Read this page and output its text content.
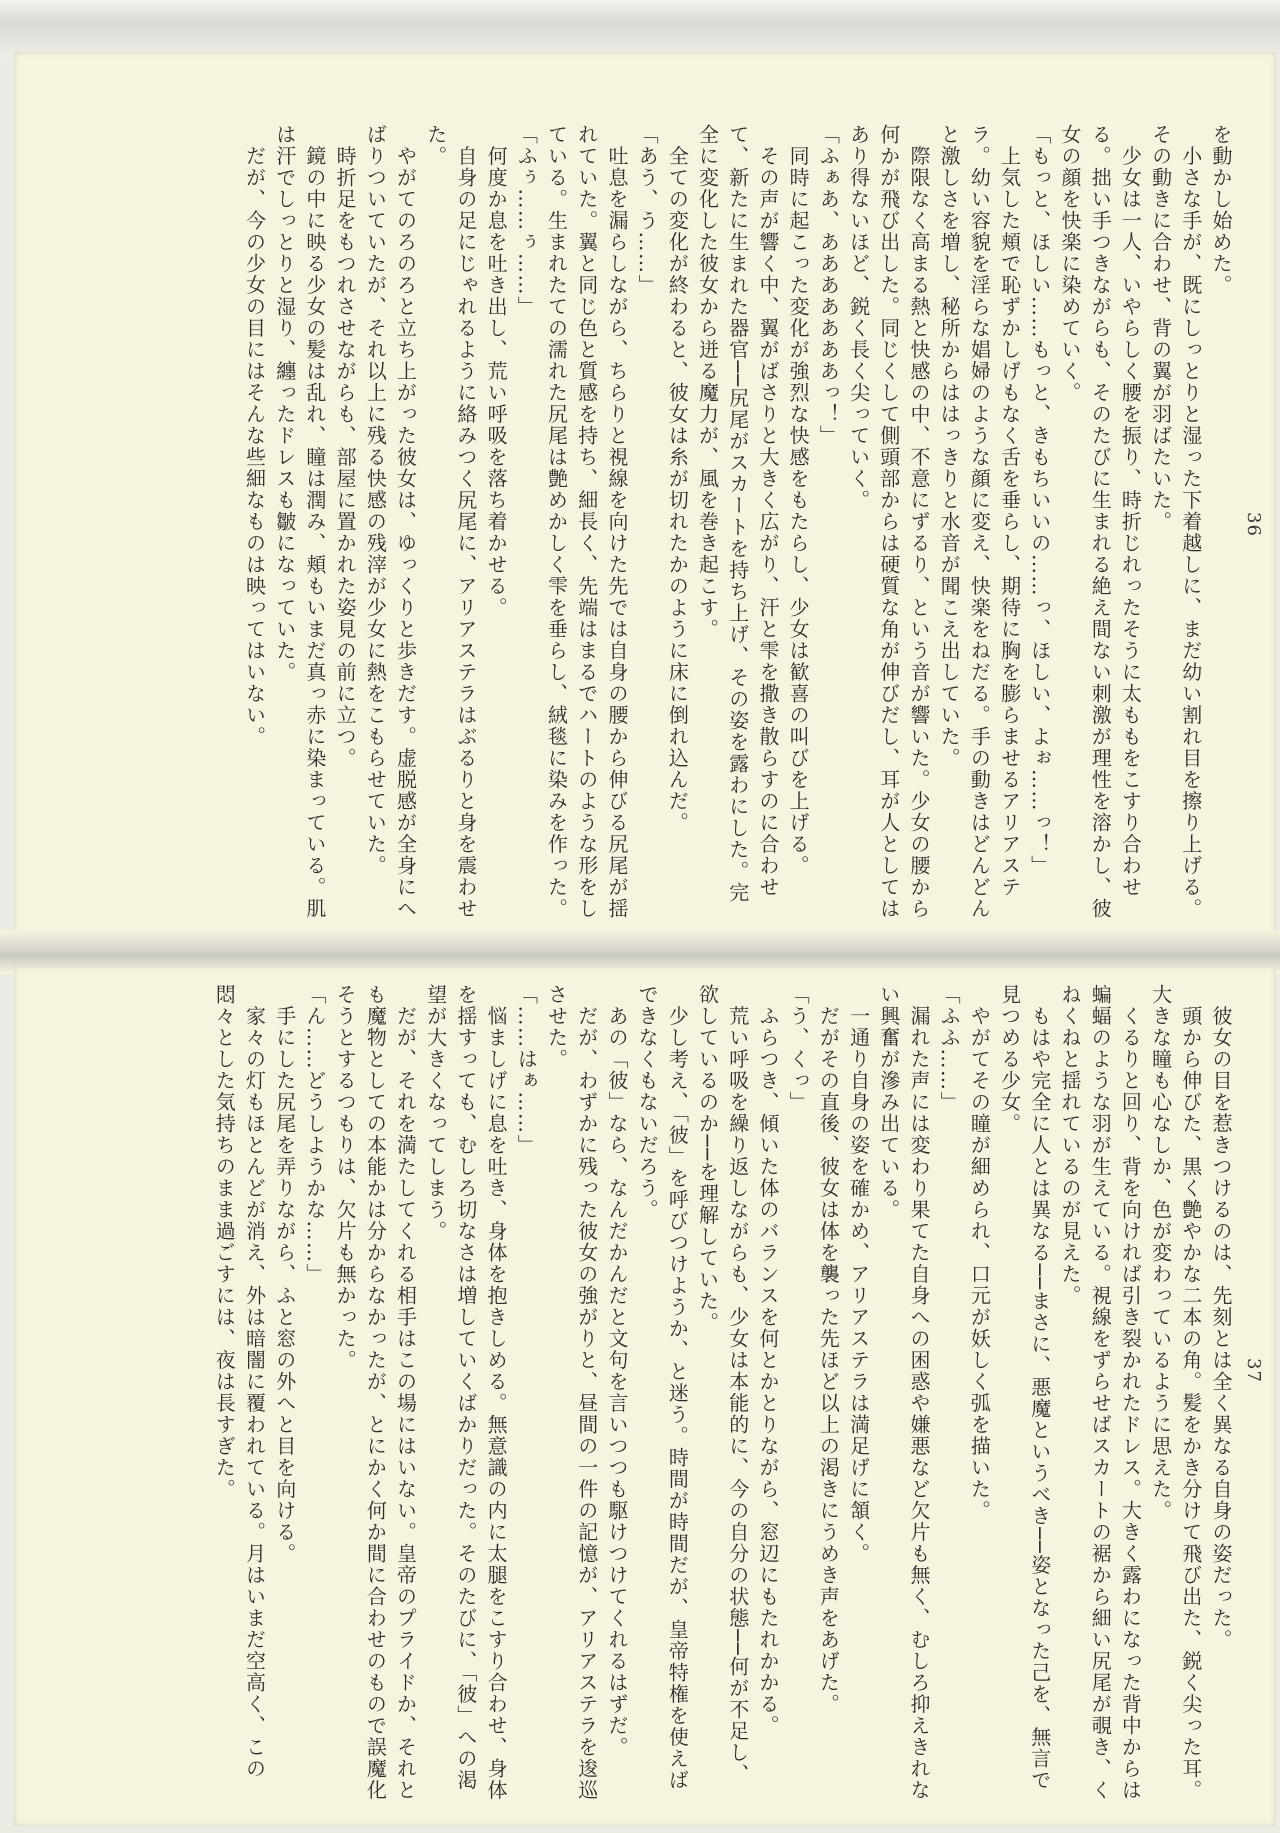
を動かし始めた。
　小さな手が、既にしっとりと湿った下着越しに、まだ幼い割れ目を擦り上げる。その動きに合わせ、背の翼が羽ばたいた。
　少女は一人、いやらしく腰を振り、時折じれったそうに太ももをこすり合わせる。拙い手つきながらも、そのたびに生まれる絶え間ない刺激が理性を溶かし、彼女の顔を快楽に染めていく。
「もっと、ほしい……もっと、きもちいいの……っ、ほしい、よぉ……っ！」
　上気した頬で恥ずかしげもなく舌を垂らし、期待に胸を膨らませるアリアステラ。幼い容貌を淫らな娼婦のような顔に変え、快楽をねだる。手の動きはどんどんと激しさを増し、秘所からははっきりと水音が聞こえ出していた。
　際限なく高まる熱と快感の中、不意にずるり、という音が響いた。少女の腰から何かが飛び出した。同じくして側頭部からは硬質な角が伸びだし、耳が人としてはあり得ないほど、鋭く長く尖っていく。
「ふぁあ、あああああああっ！」
　同時に起こった変化が強烈な快感をもたらし、少女は歓喜の叫びを上げる。
　その声が響く中、翼がばさりと大きく広がり、汗と雫を撒き散らすのに合わせて、新たに生まれた器官──尻尾がスカートを持ち上げ、その姿を露わにした。完全に変化した彼女から迸る魔力が、風を巻き起こす。
　全ての変化が終わると、彼女は糸が切れたかのように床に倒れ込んだ。
「あう、う……」
　吐息を漏らしながら、ちらりと視線を向けた先では自身の腰から伸びる尻尾が揺れていた。翼と同じ色と質感を持ち、細長く、先端はまるでハートのような形をしている。生まれたての濡れた尻尾は艶めかしく雫を垂らし、絨毯に染みを作った。
「ふぅ……ぅ……」
　何度か息を吐き出し、荒い呼吸を落ち着かせる。
　自身の足にじゃれるように絡みつく尻尾に、アリアステラはぶるりと身を震わせた。
　やがてのろのろと立ち上がった彼女は、ゆっくりと歩きだす。虚脱感が全身にへばりついていたが、それ以上に残る快感の残滓が少女に熱をこもらせていた。
　時折足をもつれさせながらも、部屋に置かれた姿見の前に立つ。
　鏡の中に映る少女の髪は乱れ、瞳は潤み、頬もいまだ真っ赤に染まっている。肌は汗でしっとりと湿り、纏ったドレスも皺になっていた。
　だが、今の少女の目にはそんな些細なものは映ってはいない。	36
　彼女の目を惹きつけるのは、先刻とは全く異なる自身の姿だった。
　頭から伸びた、黒く艶やかな二本の角。髪をかき分けて飛び出た、鋭く尖った耳。大きな瞳も心なしか、色が変わっているように思えた。
　くるりと回り、背を向ければ引き裂かれたドレス。大きく露わになった背中からは蝙蝠のような羽が生えている。視線をずらせばスカートの裾から細い尻尾が覗き、くねくねと揺れているのが見えた。
　もはや完全に人とは異なる──まさに、悪魔というべき──姿となった己を、無言で見つめる少女。
　やがてその瞳が細められ、口元が妖しく弧を描いた。
「ふふ……」
　漏れた声には変わり果てた自身への困惑や嫌悪など欠片も無く、むしろ抑えきれない興奮が滲み出ている。
　一通り自身の姿を確かめ、アリアステラは満足げに頷く。
　だがその直後、彼女は体を襲った先ほど以上の渇きにうめき声をあげた。
「う、くっ」
　ふらつき、傾いた体のバランスを何とかとりながら、窓辺にもたれかかる。
　荒い呼吸を繰り返しながらも、少女は本能的に、今の自分の状態──何が不足し、欲しているのか──を理解していた。
　少し考え、「彼」を呼びつけようか、と迷う。時間が時間だが、皇帝特権を使えばできなくもないだろう。
　あの「彼」なら、なんだかんだと文句を言いつつも駆けつけてくれるはずだ。
　だが、わずかに残った彼女の強がりと、昼間の一件の記憶が、アリアステラを逡巡させた。
「……はぁ……」
　悩ましげに息を吐き、身体を抱きしめる。無意識の内に太腿をこすり合わせ、身体を揺すっても、むしろ切なさは増していくばかりだった。そのたびに、「彼」への渇望が大きくなってしまう。
　だが、それを満たしてくれる相手はこの場にはいない。皇帝のプライドか、それとも魔物としての本能かは分からなかったが、とにかく何か間に合わせのもので誤魔化そうとするつもりは、欠片も無かった。
「ん……どうしようかな……」
　手にした尻尾を弄りながら、ふと窓の外へと目を向ける。
　家々の灯もほとんどが消え、外は暗闇に覆われている。月はいまだ空高く、この悶々とした気持ちのまま過ごすには、夜は長すぎた。	37
